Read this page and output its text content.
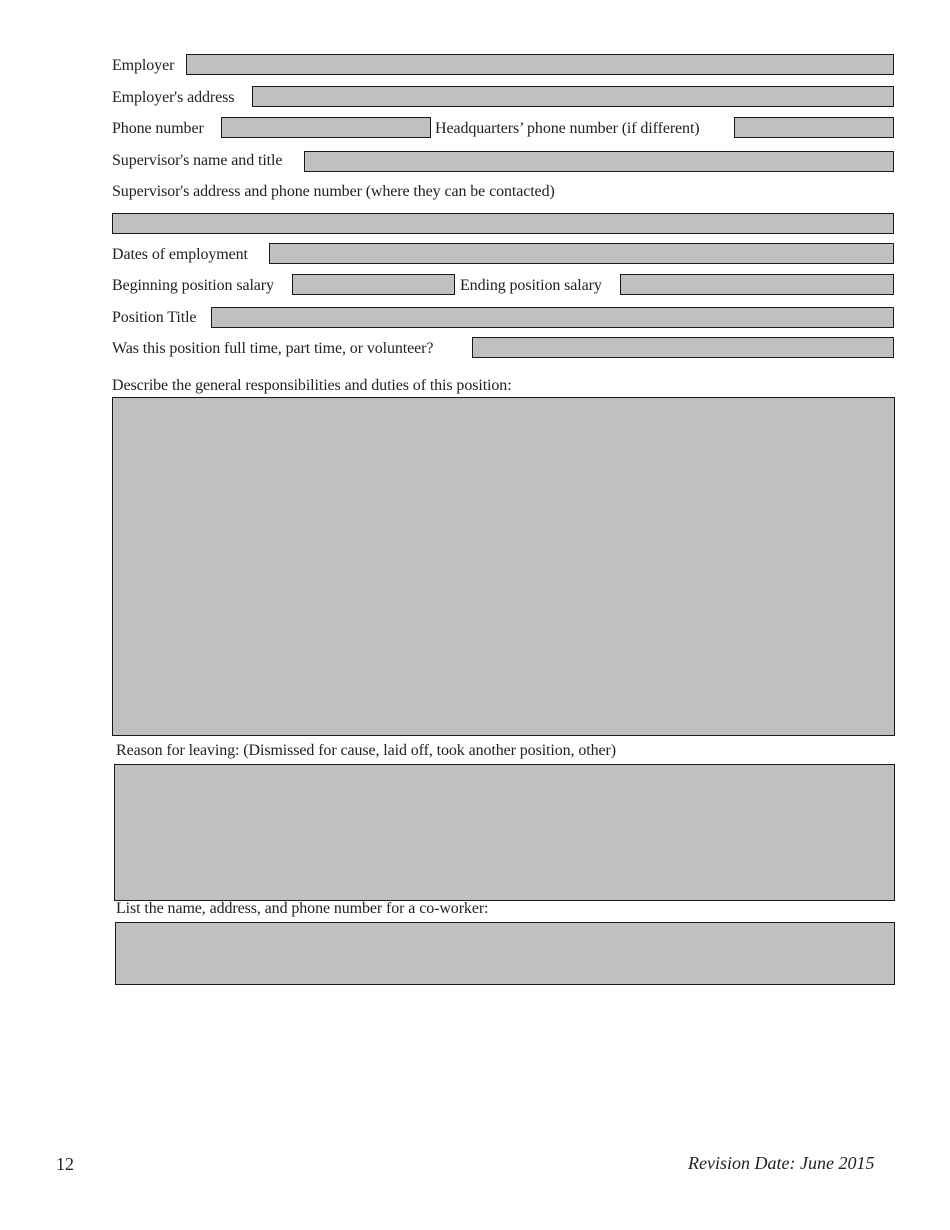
Employer
Employer's address
Phone number	Headquarters’ phone number (if different)
Supervisor's name and title
Supervisor's address and phone number (where they can be contacted)
Dates of employment
Beginning position salary	Ending position salary
Position Title
Was this position full time, part time, or volunteer?
Describe the general responsibilities and duties of this position:
Reason for leaving: (Dismissed for cause, laid off, took another position, other)
List the name, address, and phone number for a co-worker:
12	Revision Date: June 2015
